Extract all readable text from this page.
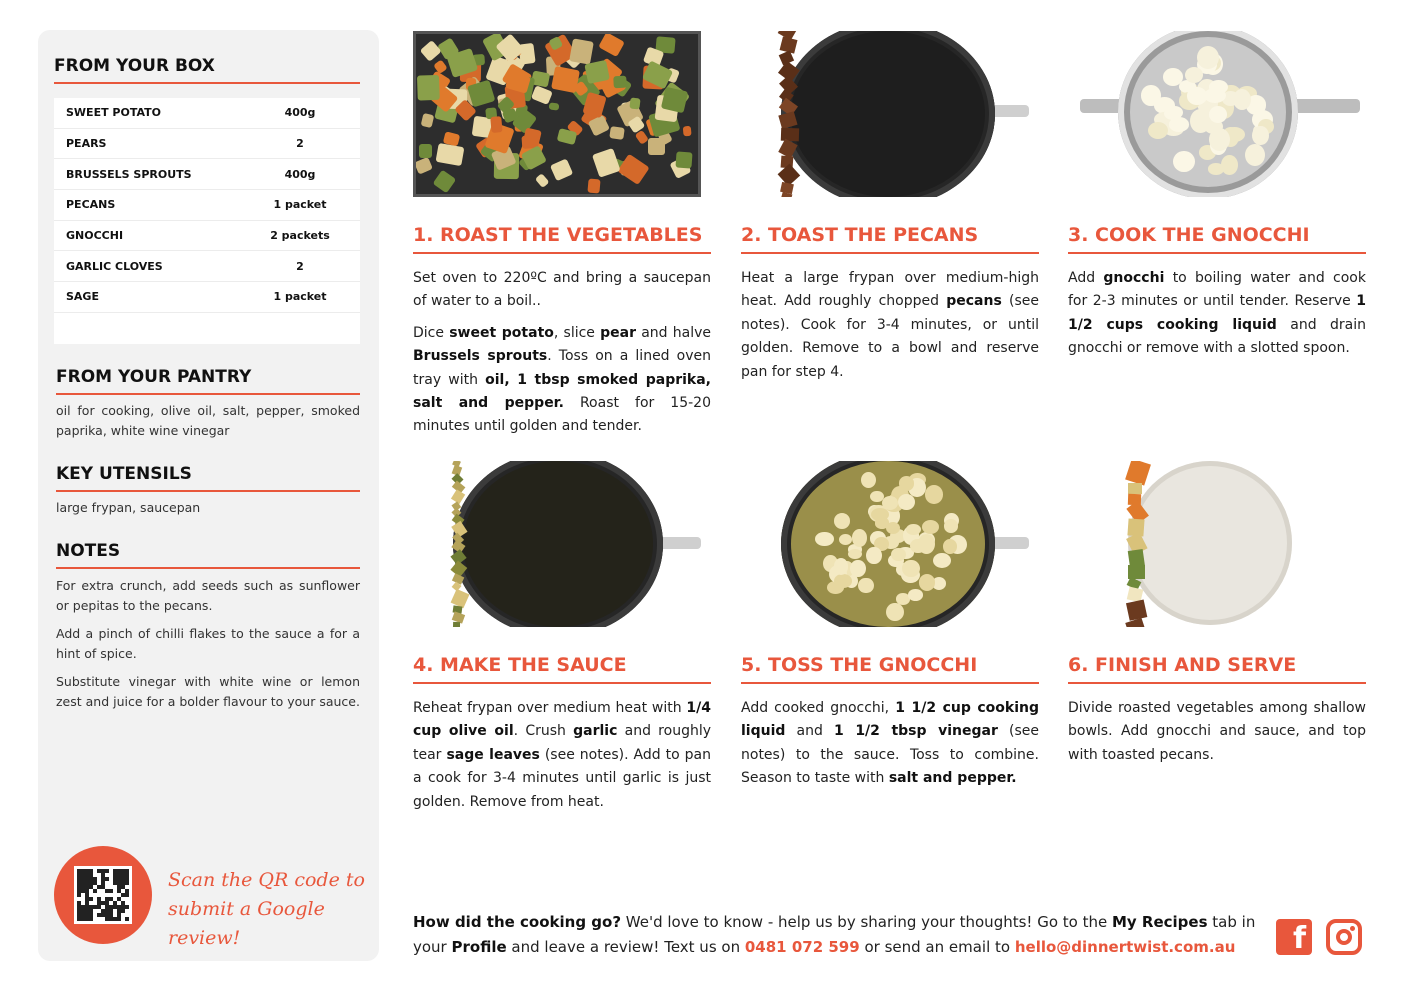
FROM YOUR BOX
SWEET POTATO	400g
PEARS	2
BRUSSELS SPROUTS	400g
PECANS	1 packet
GNOCCHI	2 packets
GARLIC CLOVES	2
SAGE	1 packet
FROM YOUR PANTRY
oil for cooking, olive oil, salt, pepper, smoked paprika, white wine vinegar
KEY UTENSILS
large frypan, saucepan
NOTES

For extra crunch, add seeds such as sunflower or pepitas to the pecans.

Add a pinch of chilli flakes to the sauce a for a hint of spice.

Substitute vinegar with white wine or lemon zest and juice for a bolder flavour to your sauce.

Scan the QR code to
submit a Google review!
1. ROAST THE VEGETABLES	2. TOAST THE PECANS	3. COOK THE GNOCCHI
4. MAKE THE SAUCE	5. TOSS THE GNOCCHI	6. FINISH AND SERVE

Set oven to 220ºC and bring a saucepan of water to a boil..

Dice sweet potato, slice pear and halve Brussels sprouts. Toss on a lined oven tray with oil, 1 tbsp smoked paprika, salt and pepper. Roast for 15-20 minutes until golden and tender.

Heat a large frypan over medium-high heat. Add roughly chopped pecans (see notes). Cook for 3-4 minutes, or until golden. Remove to a bowl and reserve pan for step 4.

Add gnocchi to boiling water and cook for 2-3 minutes or until tender. Reserve 1 1/2 cups cooking liquid and drain gnocchi or remove with a slotted spoon.

Reheat frypan over medium heat with 1/4 cup olive oil. Crush garlic and roughly tear sage leaves (see notes). Add to pan a cook for 3-4 minutes until garlic is just golden. Remove from heat.

Add cooked gnocchi, 1 1/2 cup cooking liquid and 1 1/2 tbsp vinegar (see notes) to the sauce. Toss to combine. Season to taste with salt and pepper.

Divide roasted vegetables among shallow bowls. Add gnocchi and sauce, and top with toasted pecans.

How did the cooking go? We'd love to know - help us by sharing your thoughts! Go to the My Recipes tab in your Profile and leave a review! Text us on 0481 072 599 or send an email to hello@dinnertwist.com.au	f
